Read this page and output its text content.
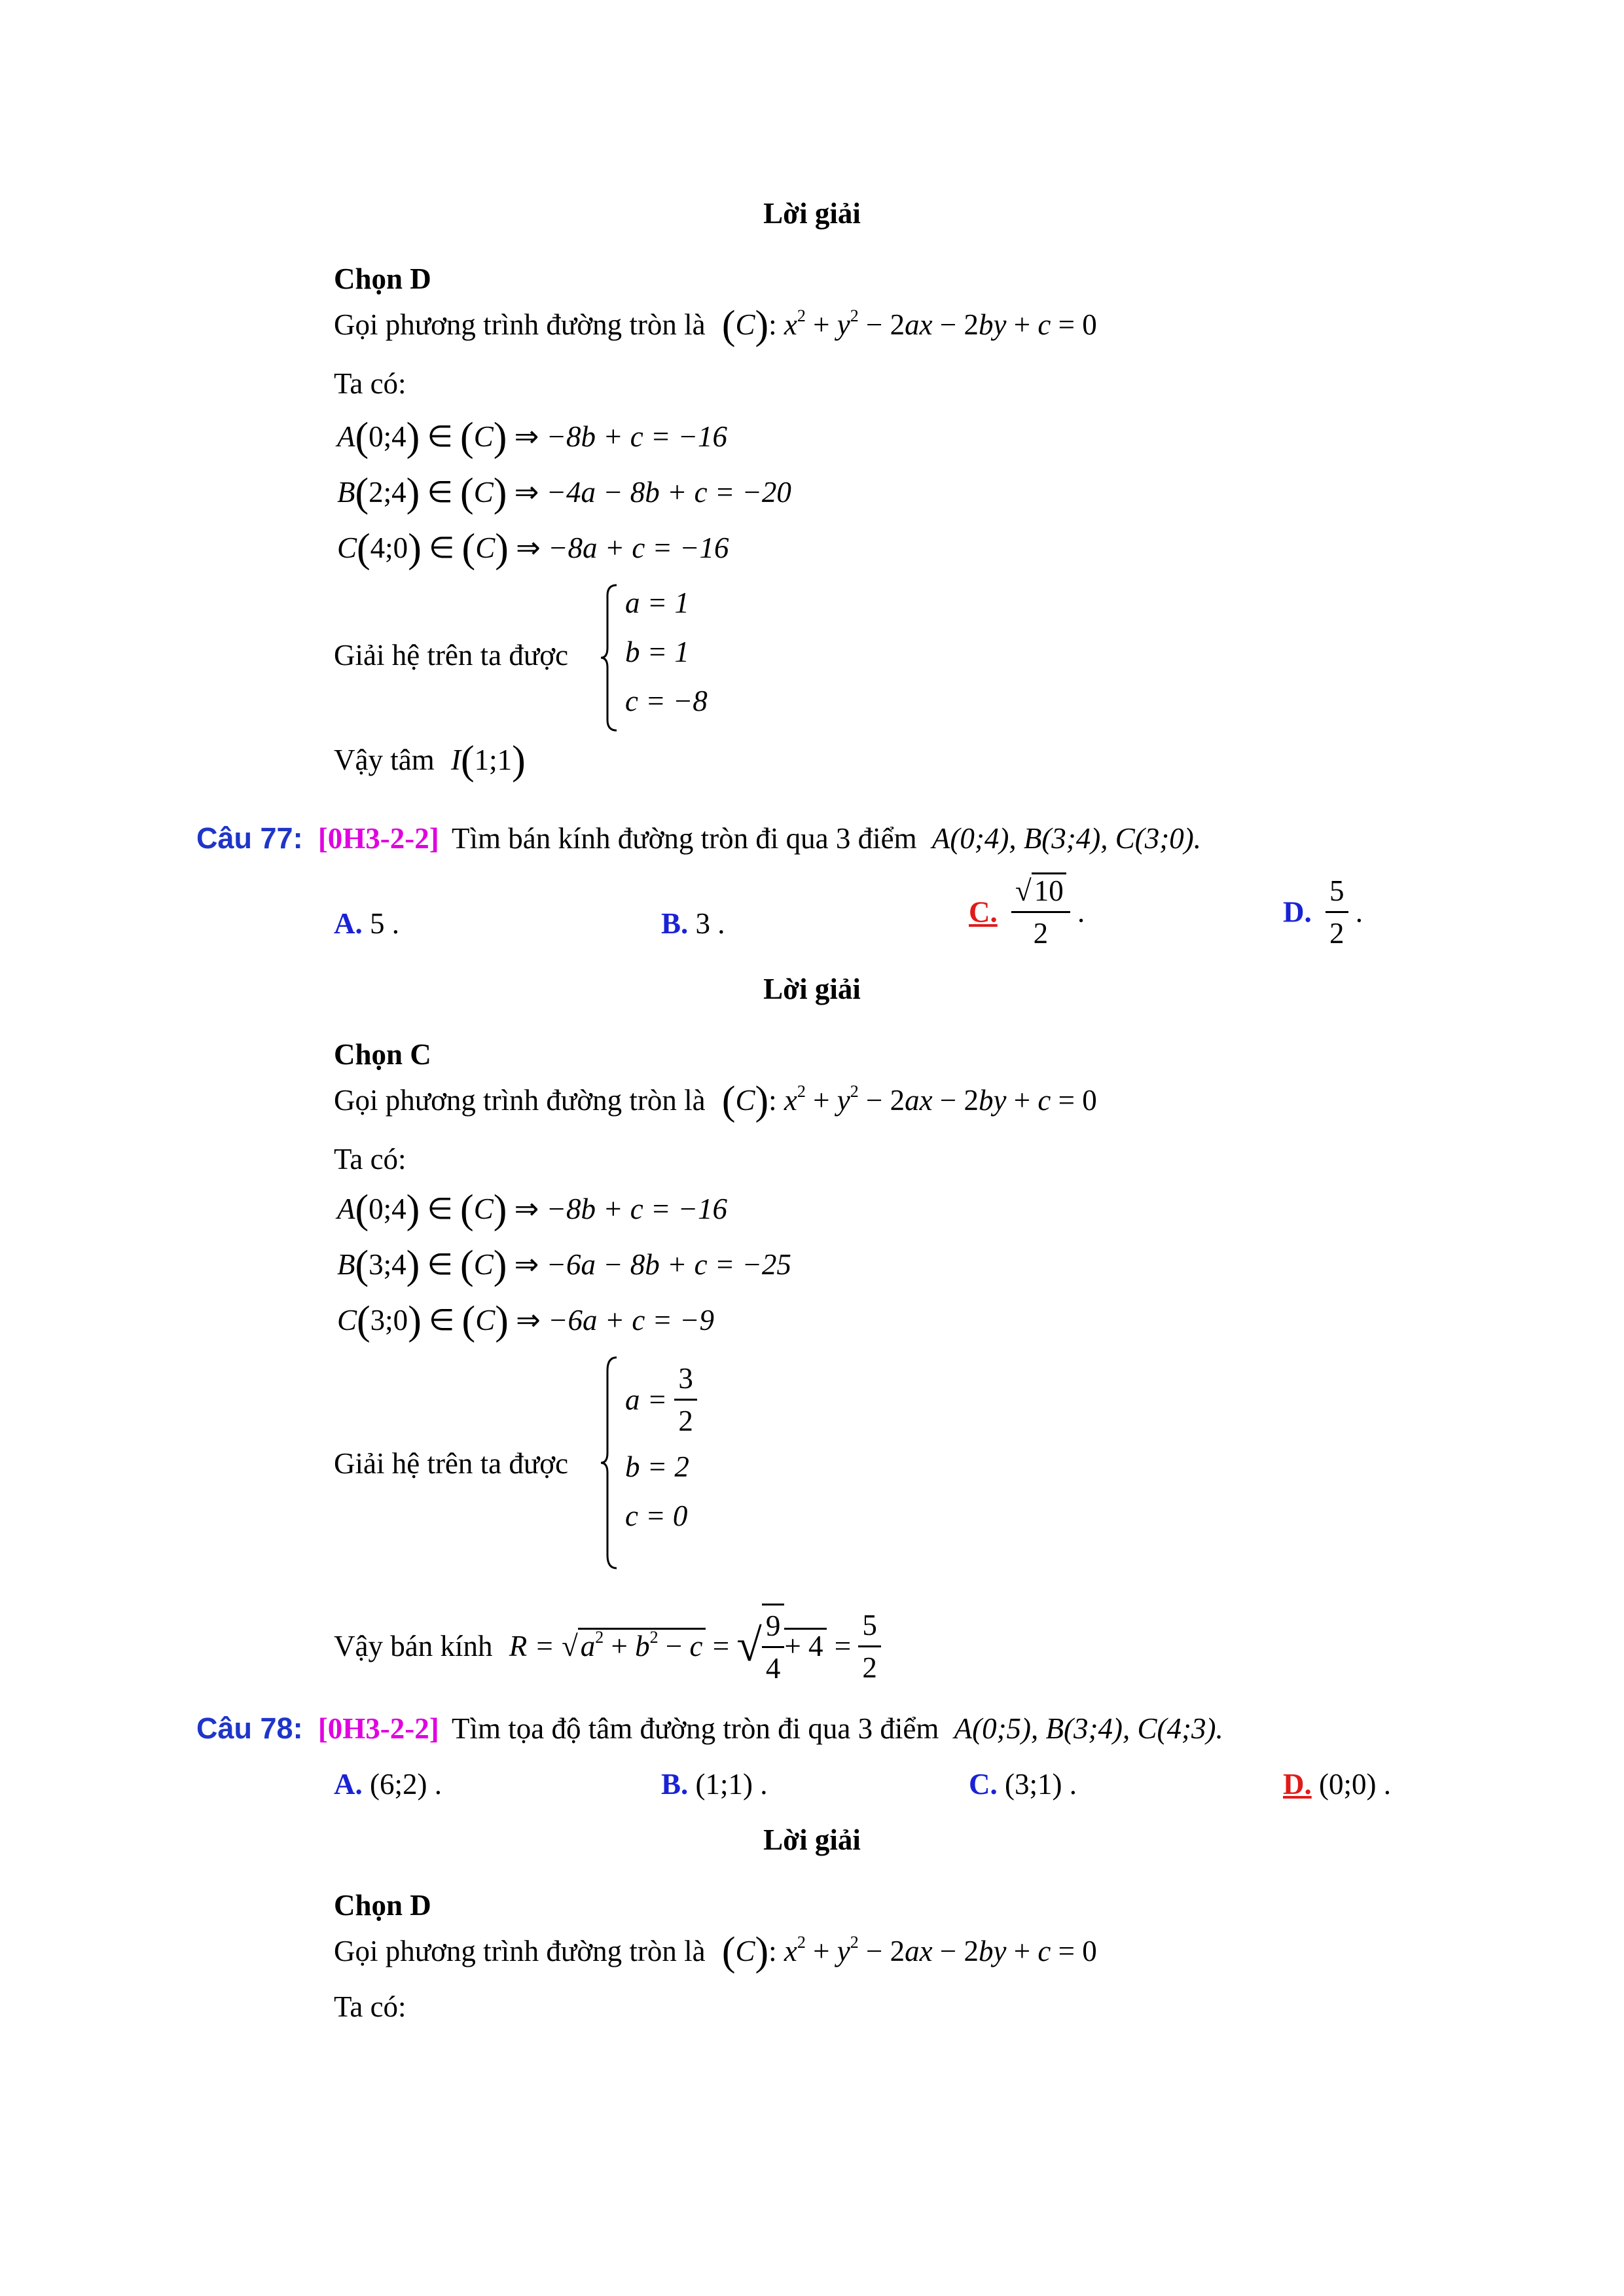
Lời giải
Chọn D
Gọi phương trình đường tròn là (C): $x^2 + y^2 - 2ax - 2by + c = 0$
Ta có:
A(0;4) ∈ (C) ⇒ −8b + c = −16
B(2;4) ∈ (C) ⇒ −4a − 8b + c = −20
C(4;0) ∈ (C) ⇒ −8a + c = −16
Giải hệ trên ta được
a = 1
b = 1
c = −8
Vậy tâm I(1;1)
Câu 77: [0H3-2-2] Tìm bán kính đường tròn đi qua 3 điểm A(0;4), B(3;4), C(3;0).
A. 5 .	B. 3 .	C. $\frac{√10}{2}$ .	D. $\frac{5}{2}$ .
Lời giải
Chọn C
Gọi phương trình đường tròn là (C): $x^2 + y^2 - 2ax - 2by + c = 0$
Ta có:
A(0;4) ∈ (C) ⇒ −8b + c = −16
B(3;4) ∈ (C) ⇒ −6a − 8b + c = −25
C(3;0) ∈ (C) ⇒ −6a + c = −9
Giải hệ trên ta được
$a = \frac{3}{2}$
b = 2
c = 0
Vậy bán kính $R = √a^2 + b^2 - c$ = √ $\frac{9}{4} + 4 = \frac{5}{2}$
Câu 78: [0H3-2-2] Tìm tọa độ tâm đường tròn đi qua 3 điểm A(0;5), B(3;4), C(4;3).
A. (6;2) .	B. (1;1) .	C. (3;1) .	D. (0;0) .
Lời giải
Chọn D
Gọi phương trình đường tròn là (C): $x^2 + y^2 - 2ax - 2by + c = 0$
Ta có:
